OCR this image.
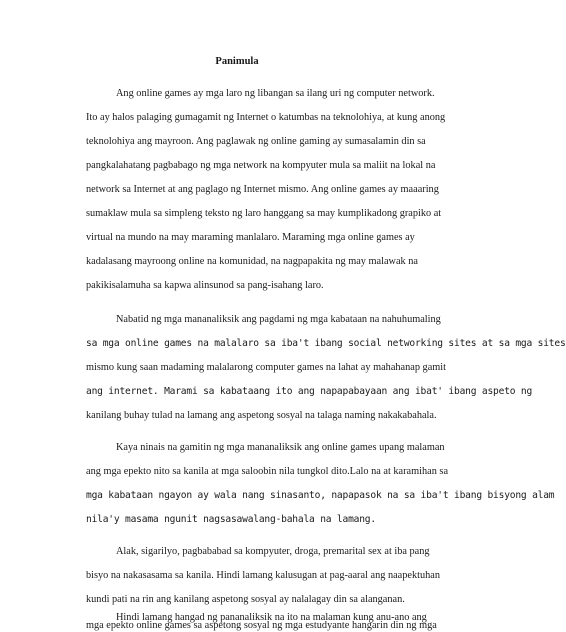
Panimula
Ang online games ay mga laro ng libangan sa ilang uri ng computer network.
Ito ay halos palaging gumagamit ng Internet o katumbas na teknolohiya, at kung anong
teknolohiya ang mayroon. Ang paglawak ng online gaming ay sumasalamin din sa
pangkalahatang pagbabago ng mga network na kompyuter mula sa maliit na lokal na
network sa Internet at ang paglago ng Internet mismo. Ang online games ay maaaring
sumaklaw mula sa simpleng teksto ng laro hanggang sa may kumplikadong grapiko at
virtual na mundo na may maraming manlalaro. Maraming mga online games ay
kadalasang mayroong online na komunidad, na nagpapakita ng may malawak na
pakikisalamuha sa kapwa alinsunod sa pang-isahang laro.
Nabatid ng mga mananaliksik ang pagdami ng mga kabataan na nahuhumaling
sa mga online games na malalaro sa iba't ibang social networking sites at sa mga sites
mismo kung saan madaming malalarong computer games na lahat ay mahahanap gamit
ang internet. Marami sa kabataang ito ang napapabayaan ang ibat' ibang aspeto ng
kanilang buhay tulad na lamang ang aspetong sosyal na talaga naming nakakabahala.
Kaya ninais na gamitin ng mga mananaliksik ang online games upang malaman
ang mga epekto nito sa kanila at mga saloobin nila tungkol dito.Lalo na at karamihan sa
mga kabataan ngayon ay wala nang sinasanto, napapasok na sa iba't ibang bisyong alam
nila'y masama ngunit nagsasawalang-bahala na lamang.
Alak, sigarilyo, pagbababad sa kompyuter, droga, premarital sex at iba pang
bisyo na nakasasama sa kanila. Hindi lamang kalusugan at pag-aaral ang naapektuhan
kundi pati na rin ang kanilang aspetong sosyal ay nalalagay din sa alanganan.
Hindi lamang hangad ng pananaliksik na ito na malaman kung anu-ano ang
mga epekto online games sa aspetong sosyal ng mga estudyante hangarin din ng mga
